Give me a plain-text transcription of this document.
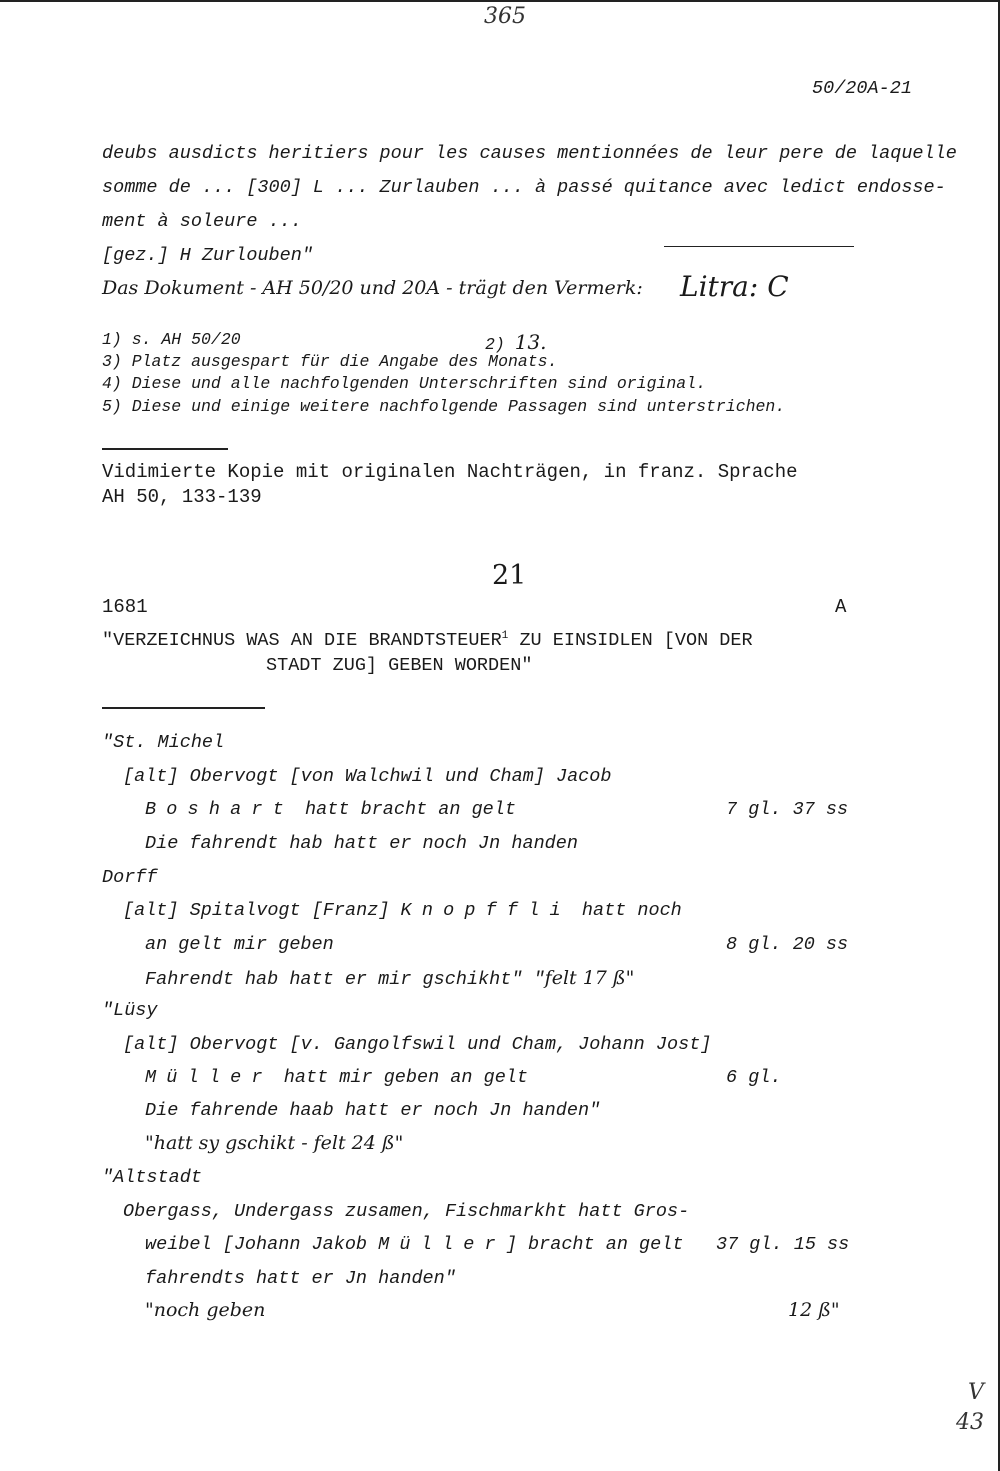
365
50/20A-21
deubs ausdicts heritiers pour les causes mentionnées de leur pere de laquelle
somme de ... [300] L ... Zurlauben ... à passé quitance avec ledict endosse-
ment à soleure ...
[gez.] H Zurlouben"
Das Dokument - AH 50/20 und 20A - trägt den Vermerk: Litra: C
1) s. AH 50/20	2) 13.
3) Platz ausgespart für die Angabe des Monats.
4) Diese und alle nachfolgenden Unterschriften sind original.
5) Diese und einige weitere nachfolgende Passagen sind unterstrichen.
Vidimierte Kopie mit originalen Nachträgen, in franz. Sprache
AH 50, 133-139
21
1681	A
"VERZEICHNUS WAS AN DIE BRANDTSTEUER$^1$ ZU EINSIDLEN [VON DER
STADT ZUG] GEBEN WORDEN"
"St. Michel
[alt] Obervogt [von Walchwil und Cham] Jacob
Boshart hatt bracht an gelt	7 gl. 37 ss
Die fahrendt hab hatt er noch Jn handen
Dorff
[alt] Spitalvogt [Franz] Knopffli hatt noch
an gelt mir geben	8 gl. 20 ss
Fahrendt hab hatt er mir gschikht" "felt 17 ß"
"Lüsy
[alt] Obervogt [v. Gangolfswil und Cham, Johann Jost]
Müller hatt mir geben an gelt	6 gl.
Die fahrende haab hatt er noch Jn handen"
"hatt sy gschikt - felt 24 ß"
"Altstadt
Obergass, Undergass zusamen, Fischmarkht hatt Gros-
weibel [Johann Jakob Müller] bracht an gelt 37 gl. 15 ss
fahrendts hatt er Jn handen"
"noch geben	12 ß"
V
43
